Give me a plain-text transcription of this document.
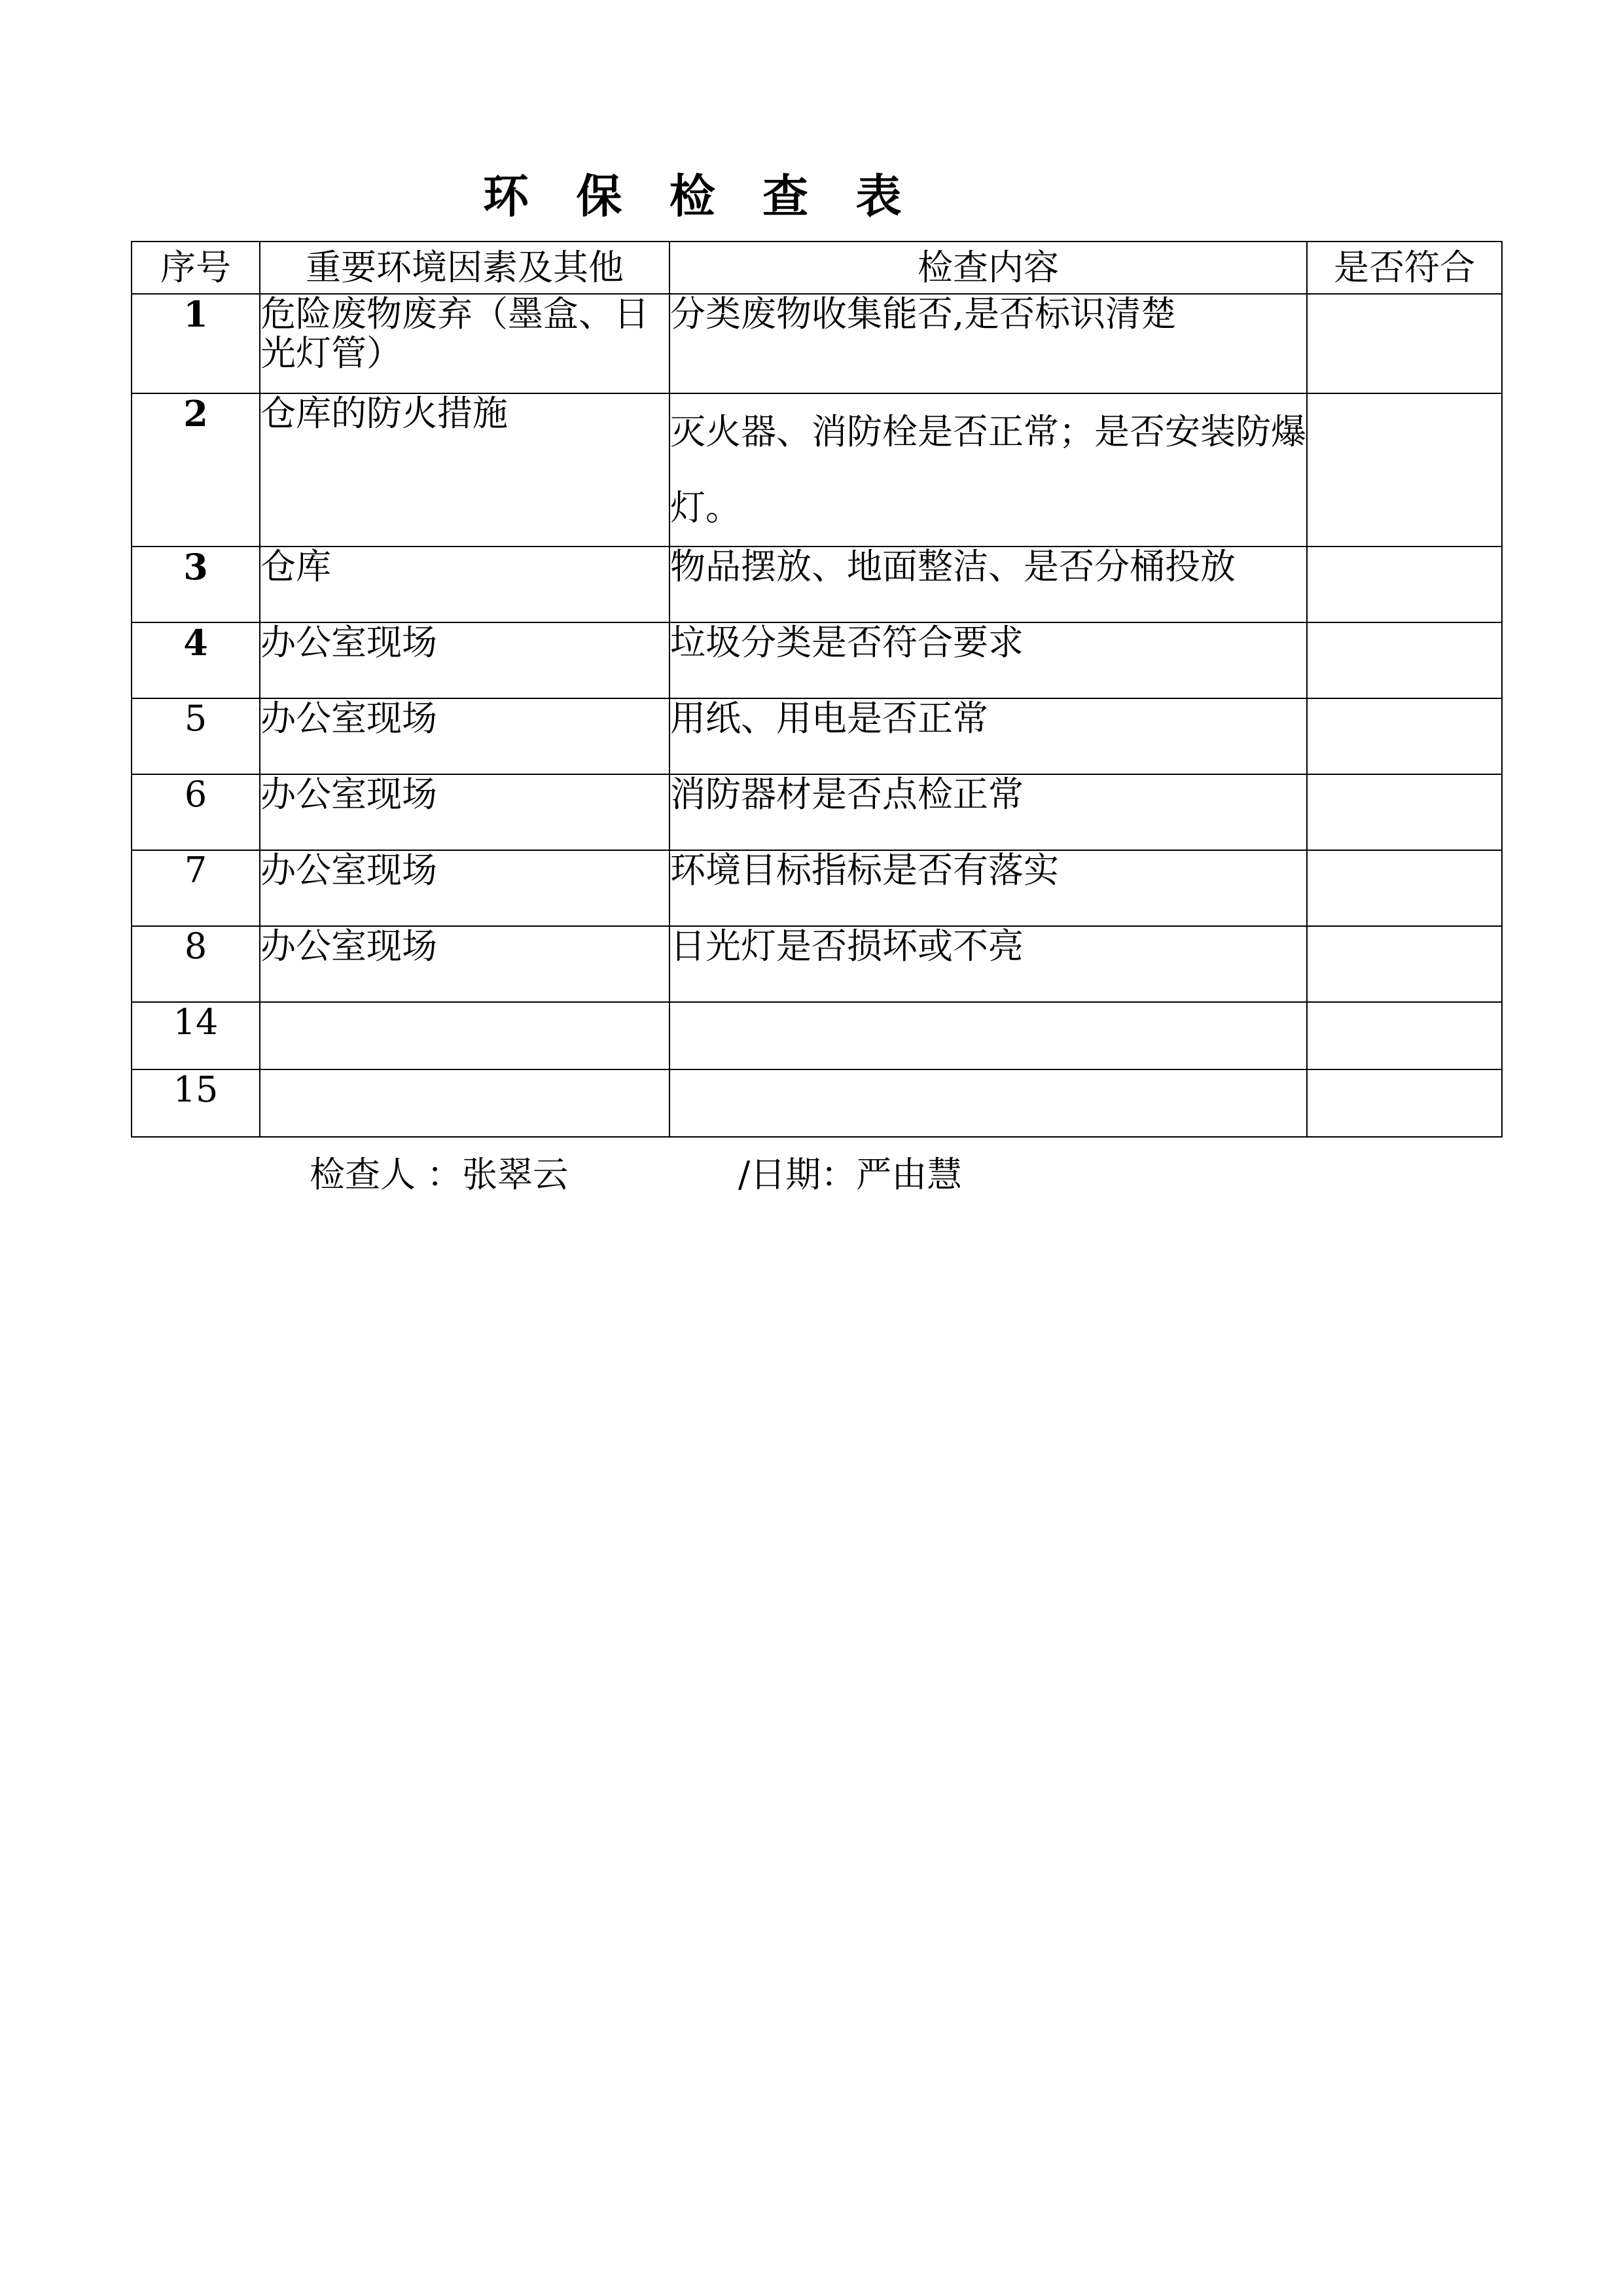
环 保 检 查 表
序号	重要环境因素及其他	检查内容	是否符合
1	危险废物废弃（墨盒、日光灯管）	分类废物收集能否,是否标识清楚	
2	仓库的防火措施	灭火器、消防栓是否正常；是否安装防爆灯。	
3	仓库	物品摆放、地面整洁、是否分桶投放	
4	办公室现场	垃圾分类是否符合要求	
5	办公室现场	用纸、用电是否正常	
6	办公室现场	消防器材是否点检正常	
7	办公室现场	环境目标指标是否有落实	
8	办公室现场	日光灯是否损坏或不亮	
14			
15			
检查人 ：张翠云	/日期：严由慧
